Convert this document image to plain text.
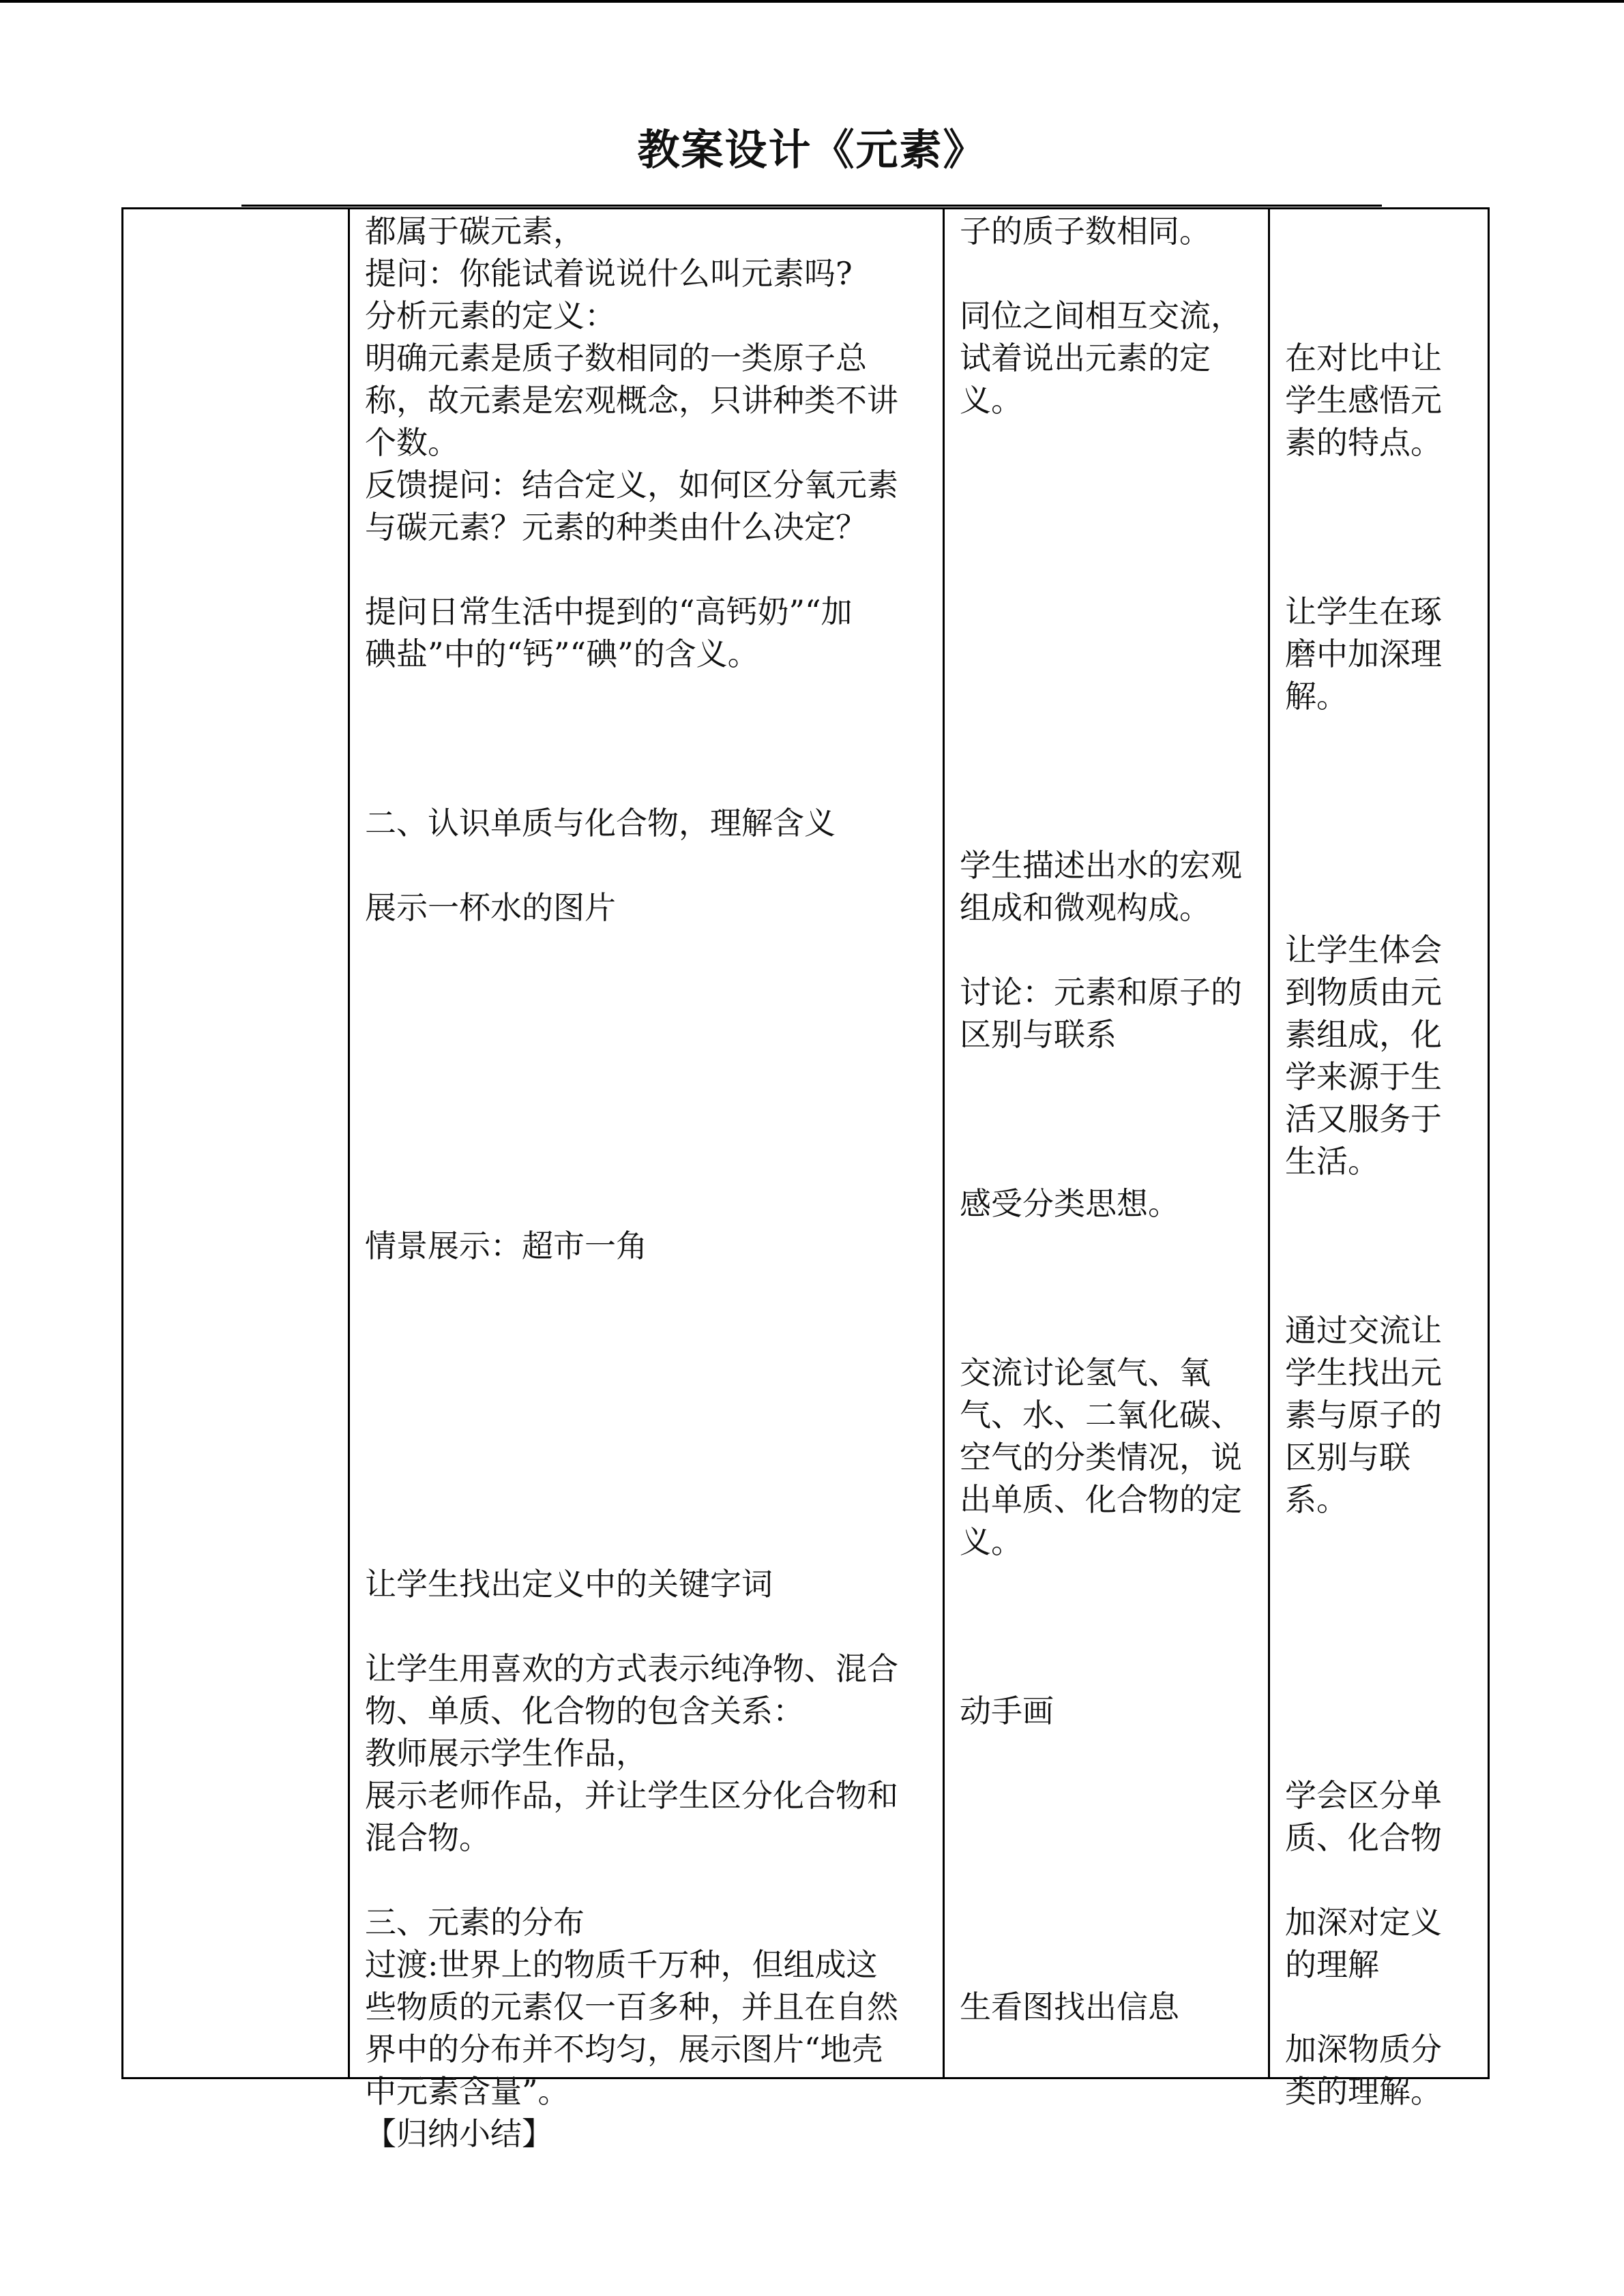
教案设计《元素》
都属于碳元素，
提问：你能试着说说什么叫元素吗?
分析元素的定义：
明确元素是质子数相同的一类原子总
称，故元素是宏观概念，只讲种类不讲
个数。
反馈提问：结合定义，如何区分氧元素
与碳元素？元素的种类由什么决定？
提问日常生活中提到的“高钙奶”“加
碘盐”中的“钙”“碘”的含义。
二、认识单质与化合物，理解含义
展示一杯水的图片
情景展示：超市一角
让学生找出定义中的关键字词
让学生用喜欢的方式表示纯净物、混合
物、单质、化合物的包含关系：
教师展示学生作品，
展示老师作品，并让学生区分化合物和
混合物。
三、元素的分布
过渡:世界上的物质千万种，但组成这
些物质的元素仅一百多种，并且在自然
界中的分布并不均匀，展示图片“地壳
中元素含量”。
【归纳小结】
子的质子数相同。
同位之间相互交流，
试着说出元素的定
义。
学生描述出水的宏观
组成和微观构成。
讨论：元素和原子的
区别与联系
感受分类思想。
交流讨论氢气、氧
气、水、二氧化碳、
空气的分类情况，说
出单质、化合物的定
义。
动手画
生看图找出信息
在对比中让
学生感悟元
素的特点。
让学生在琢
磨中加深理
解。
让学生体会
到物质由元
素组成，化
学来源于生
活又服务于
生活。
通过交流让
学生找出元
素与原子的
区别与联
系。
学会区分单
质、化合物
加深对定义
的理解
加深物质分
类的理解。
